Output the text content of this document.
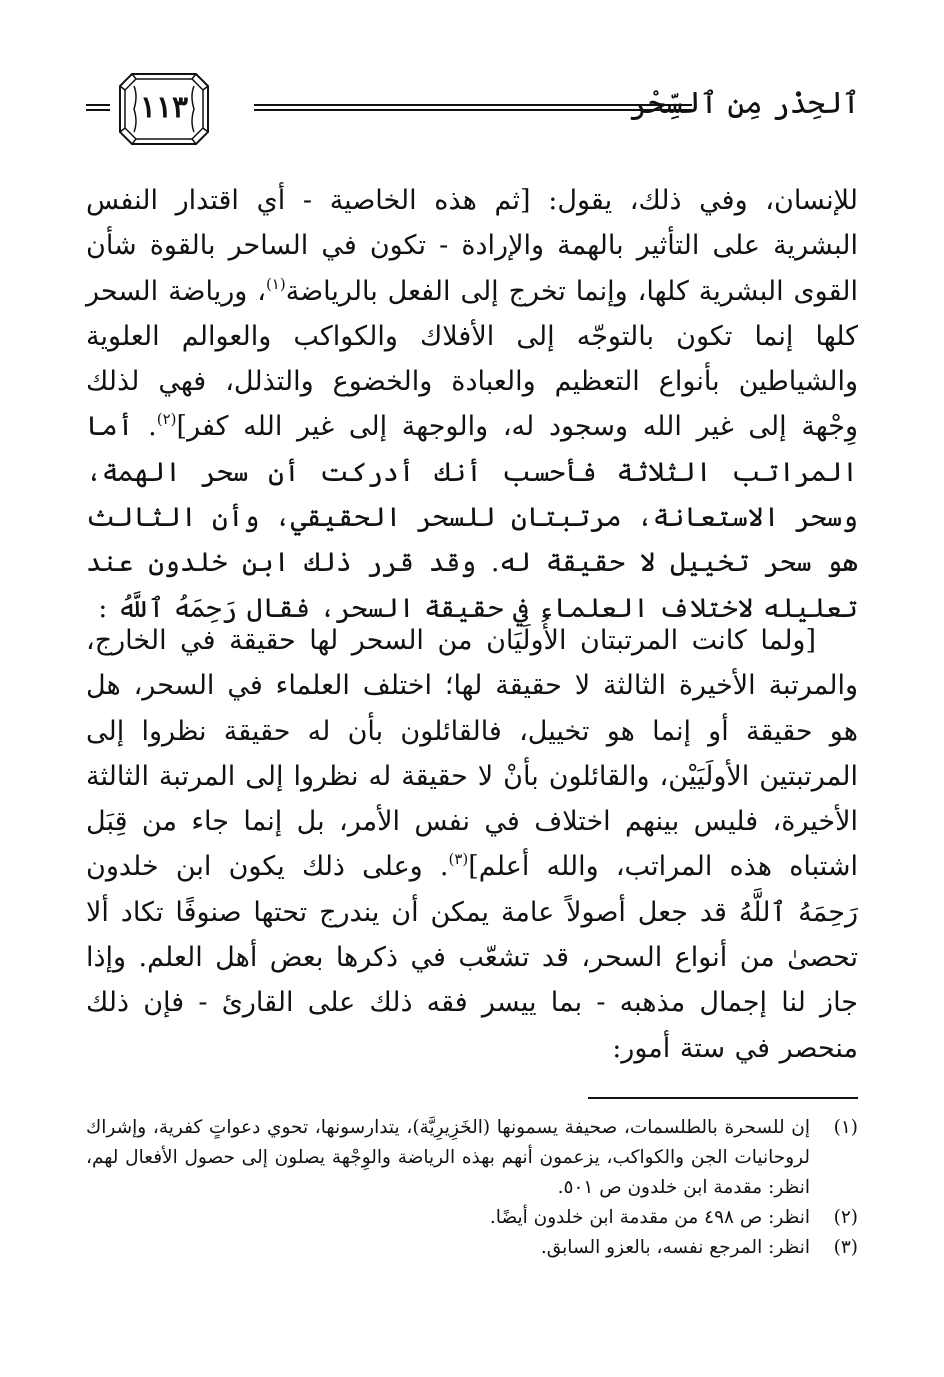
ٱلحِذْر مِن ٱلسِّحْر
١١٣

للإنسان، وفي ذلك، يقول: [ثم هذه الخاصية - أي اقتدار النفس البشرية على التأثير بالهمة والإرادة - تكون في الساحر بالقوة شأن القوى البشرية كلها، وإنما تخرج إلى الفعل بالرياضة$^{(١)}$، ورياضة السحر كلها إنما تكون بالتوجّه إلى الأفلاك والكواكب والعوالم العلوية والشياطين بأنواع التعظيم والعبادة والخضوع والتذلل، فهي لذلك وِجْهة إلى غير الله وسجود له، والوجهة إلى غير الله كفر]$^{(٢)}$. أما المراتب الثلاثة فأحسب أنك أدركت أن سحر الهمة، وسحر الاستعانة، مرتبتان للسحر الحقيقي، وأن الثالث هو سحر تخييل لا حقيقة له. وقد قرر ذلك ابن خلدون عند تعليله لاختلاف العلماء في حقيقة السحر، فقال رَحِمَهُ ٱللَّهُ :

[ولما كانت المرتبتان الأُولَيَان من السحر لها حقيقة في الخارج، والمرتبة الأخيرة الثالثة لا حقيقة لها؛ اختلف العلماء في السحر، هل هو حقيقة أو إنما هو تخييل، فالقائلون بأن له حقيقة نظروا إلى المرتبتين الأولَيَيْن، والقائلون بأنْ لا حقيقة له نظروا إلى المرتبة الثالثة الأخيرة، فليس بينهم اختلاف في نفس الأمر، بل إنما جاء من قِبَل اشتباه هذه المراتب، والله أعلم]$^{(٣)}$. وعلى ذلك يكون ابن خلدون رَحِمَهُ ٱللَّهُ قد جعل أصولاً عامة يمكن أن يندرج تحتها صنوفًا تكاد ألا تحصىٰ من أنواع السحر، قد تشعّب في ذكرها بعض أهل العلم. وإذا جاز لنا إجمال مذهبه - بما ييسر فقه ذلك على القارئ - فإن ذلك منحصر في ستة أمور:

(١)
إن للسحرة بالطلسمات، صحيفة يسمونها (الخَزِيرِيَّة)، يتدارسونها، تحوي دعواتٍ كفرية، وإشراك لروحانيات الجن والكواكب، يزعمون أنهم بهذه الرياضة والوِجْهة يصلون إلى حصول الأفعال لهم، انظر: مقدمة ابن خلدون ص ٥٠١.
(٢)
انظر: ص ٤٩٨ من مقدمة ابن خلدون أيضًا.
(٣)
انظر: المرجع نفسه، بالعزو السابق.
